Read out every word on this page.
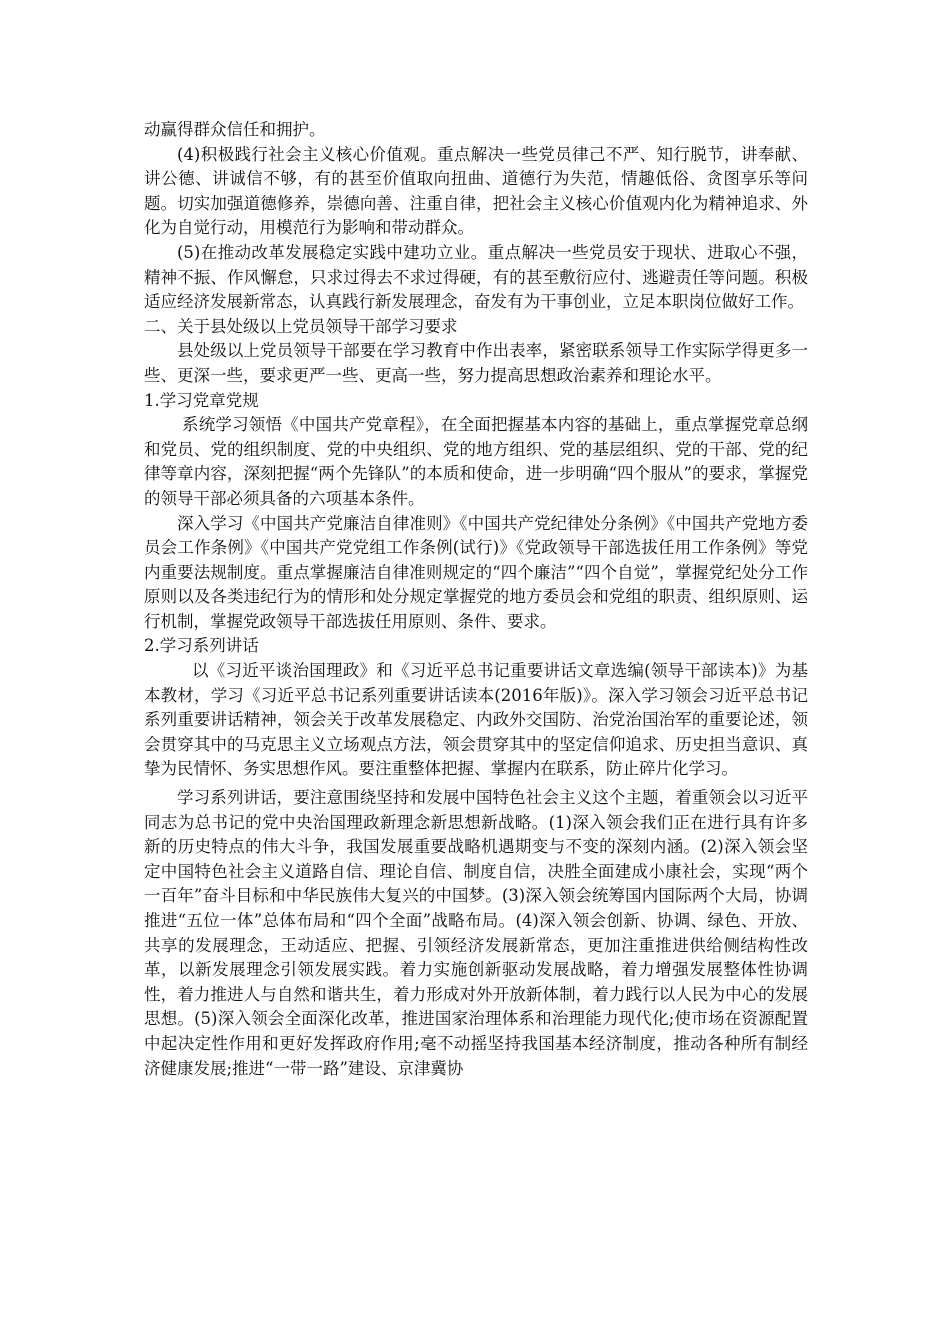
动赢得群众信任和拥护。

(4)积极践行社会主义核心价值观。重点解决一些党员律己不严、知行脱节，讲奉献、讲公德、讲诚信不够，有的甚至价值取向扭曲、道德行为失范，情趣低俗、贪图享乐等问题。切实加强道德修养，崇德向善、注重自律，把社会主义核心价值观内化为精神追求、外化为自觉行动，用模范行为影响和带动群众。

(5)在推动改革发展稳定实践中建功立业。重点解决一些党员安于现状、进取心不强，精神不振、作风懈怠，只求过得去不求过得硬，有的甚至敷衍应付、逃避责任等问题。积极适应经济发展新常态，认真践行新发展理念，奋发有为干事创业，立足本职岗位做好工作。

二、关于县处级以上党员领导干部学习要求

县处级以上党员领导干部要在学习教育中作出表率，紧密联系领导工作实际学得更多一些、更深一些，要求更严一些、更高一些，努力提高思想政治素养和理论水平。

1.学习党章党规

系统学习领悟《中国共产党章程》，在全面把握基本内容的基础上，重点掌握党章总纲和党员、党的组织制度、党的中央组织、党的地方组织、党的基层组织、党的干部、党的纪律等章内容，深刻把握“两个先锋队”的本质和使命，进一步明确“四个服从”的要求，掌握党的领导干部必须具备的六项基本条件。

深入学习《中国共产党廉洁自律准则》《中国共产党纪律处分条例》《中国共产党地方委员会工作条例》《中国共产党党组工作条例(试行)》《党政领导干部选拔任用工作条例》等党内重要法规制度。重点掌握廉洁自律准则规定的“四个廉洁”“四个自觉”，掌握党纪处分工作原则以及各类违纪行为的情形和处分规定掌握党的地方委员会和党组的职责、组织原则、运行机制，掌握党政领导干部选拔任用原则、条件、要求。

2.学习系列讲话

以《习近平谈治国理政》和《习近平总书记重要讲话文章选编(领导干部读本)》为基本教材，学习《习近平总书记系列重要讲话读本(2016年版)》。深入学习领会习近平总书记系列重要讲话精神，领会关于改革发展稳定、内政外交国防、治党治国治军的重要论述，领会贯穿其中的马克思主义立场观点方法，领会贯穿其中的坚定信仰追求、历史担当意识、真挚为民情怀、务实思想作风。要注重整体把握、掌握内在联系，防止碎片化学习。

学习系列讲话，要注意围绕坚持和发展中国特色社会主义这个主题，着重领会以习近平同志为总书记的党中央治国理政新理念新思想新战略。(1)深入领会我们正在进行具有许多新的历史特点的伟大斗争，我国发展重要战略机遇期变与不变的深刻内涵。(2)深入领会坚定中国特色社会主义道路自信、理论自信、制度自信，决胜全面建成小康社会，实现“两个一百年”奋斗目标和中华民族伟大复兴的中国梦。(3)深入领会统筹国内国际两个大局，协调推进“五位一体”总体布局和“四个全面”战略布局。(4)深入领会创新、协调、绿色、开放、共享的发展理念，王动适应、把握、引领经济发展新常态，更加注重推进供给侧结构性改革，以新发展理念引领发展实践。着力实施创新驱动发展战略，着力增强发展整体性协调性，着力推进人与自然和谐共生，着力形成对外开放新体制，着力践行以人民为中心的发展思想。(5)深入领会全面深化改革，推进国家治理体系和治理能力现代化;使市场在资源配置中起决定性作用和更好发挥政府作用;毫不动摇坚持我国基本经济制度，推动各种所有制经济健康发展;推进“一带一路”建设、京津冀协
